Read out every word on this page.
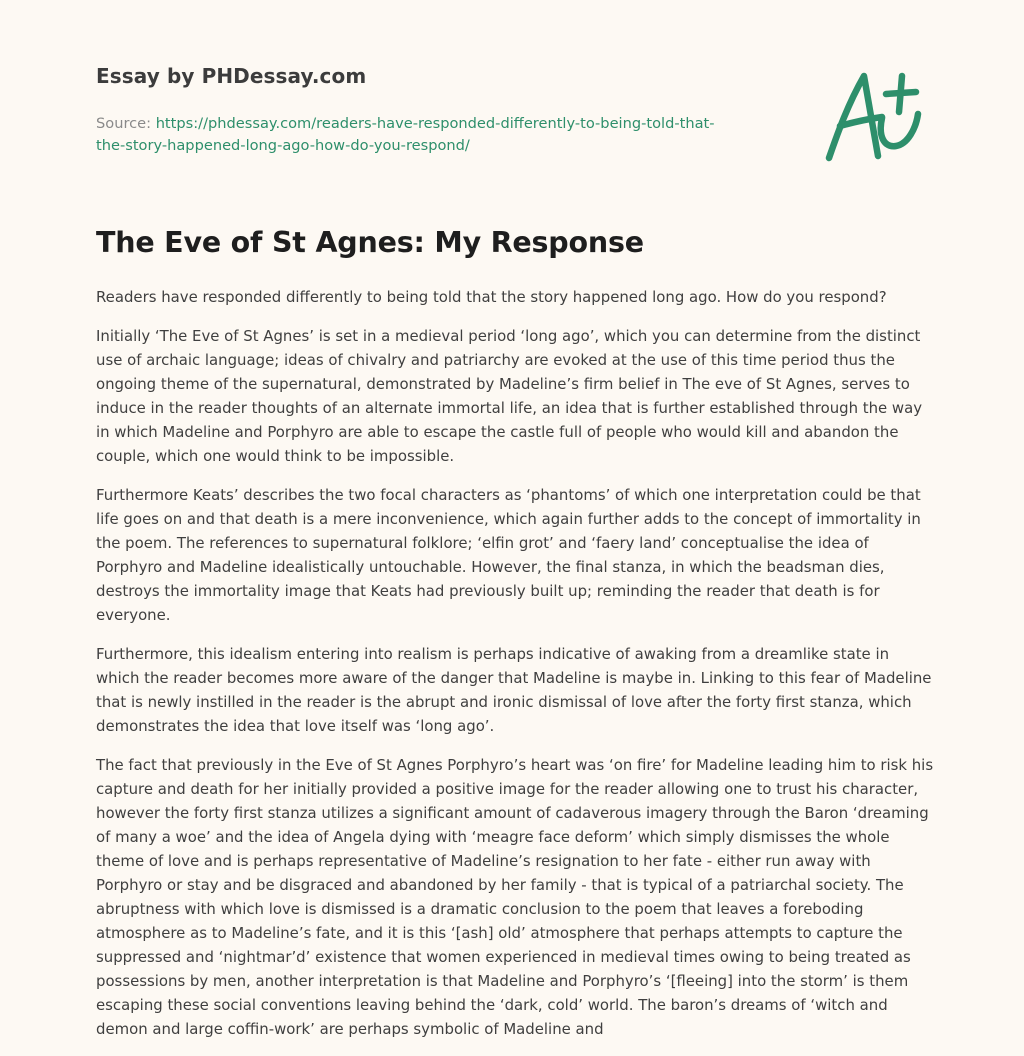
Essay by PHDessay.com
Source: https://phdessay.com/readers-have-responded-differently-to-being-told-that-
the-story-happened-long-ago-how-do-you-respond/
The Eve of St Agnes: My Response

Readers have responded differently to being told that the story happened long ago. How do you respond?

Initially ‘The Eve of St Agnes’ is set in a medieval period ‘long ago’, which you can determine from the distinct use of archaic language; ideas of chivalry and patriarchy are evoked at the use of this time period thus the ongoing theme of the supernatural, demonstrated by Madeline’s firm belief in The eve of St Agnes, serves to induce in the reader thoughts of an alternate immortal life, an idea that is further established through the way in which Madeline and Porphyro are able to escape the castle full of people who would kill and abandon the couple, which one would think to be impossible.

Furthermore Keats’ describes the two focal characters as ‘phantoms’ of which one interpretation could be that life goes on and that death is a mere inconvenience, which again further adds to the concept of immortality in the poem. The references to supernatural folklore; ‘elfin grot’ and ‘faery land’ conceptualise the idea of Porphyro and Madeline idealistically untouchable. However, the final stanza, in which the beadsman dies, destroys the immortality image that Keats had previously built up; reminding the reader that death is for everyone.

Furthermore, this idealism entering into realism is perhaps indicative of awaking from a dreamlike state in which the reader becomes more aware of the danger that Madeline is maybe in. Linking to this fear of Madeline that is newly instilled in the reader is the abrupt and ironic dismissal of love after the forty first stanza, which demonstrates the idea that love itself was ‘long ago’.

The fact that previously in the Eve of St Agnes Porphyro’s heart was ‘on fire’ for Madeline leading him to risk his capture and death for her initially provided a positive image for the reader allowing one to trust his character, however the forty first stanza utilizes a significant amount of cadaverous imagery through the Baron ‘dreaming of many a woe’ and the idea of Angela dying with ‘meagre face deform’ which simply dismisses the whole theme of love and is perhaps representative of Madeline’s resignation to her fate - either run away with Porphyro or stay and be disgraced and abandoned by her family - that is typical of a patriarchal society. The abruptness with which love is dismissed is a dramatic conclusion to the poem that leaves a foreboding atmosphere as to Madeline’s fate, and it is this ‘[ash] old’ atmosphere that perhaps attempts to capture the suppressed and ‘nightmar’d’ existence that women experienced in medieval times owing to being treated as possessions by men, another interpretation is that Madeline and Porphyro’s ‘[fleeing] into the storm’ is them escaping these social conventions leaving behind the ‘dark, cold’ world. The baron’s dreams of ‘witch and demon and large coffin-work’ are perhaps symbolic of Madeline and
